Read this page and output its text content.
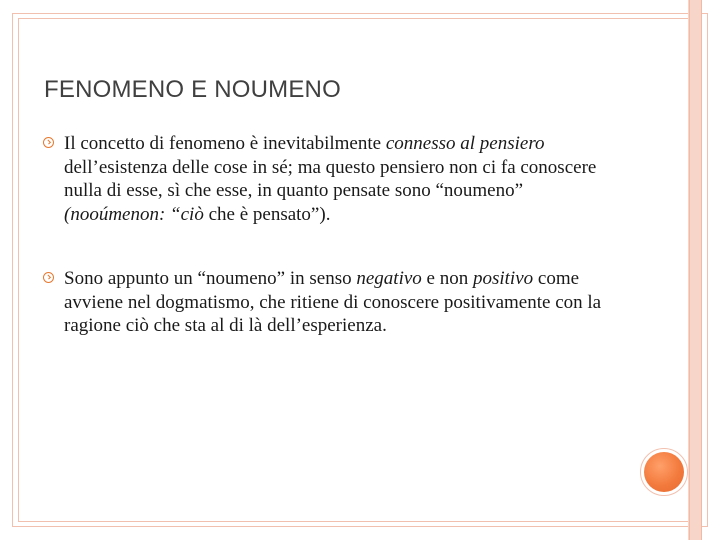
FENOMENO E NOUMENO
Il concetto di fenomeno è inevitabilmente connesso al pensiero dell’esistenza delle cose in sé; ma questo pensiero non ci fa conoscere nulla di esse, sì che esse, in quanto pensate sono “noumeno” (nooúmenon: “ciò che è pensato”).
Sono appunto un “noumeno” in senso negativo e non positivo come avviene nel dogmatismo, che ritiene di conoscere positivamente con la ragione ciò che sta al di là dell’esperienza.
